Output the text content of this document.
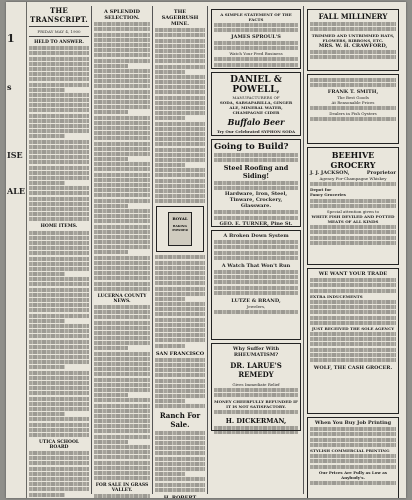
1
s
ISE
ALE
THE TRANSCRIPT.
FRIDAY MAY 4, 1900
HELD TO ANSWER.
HOME ITEMS.
UTICA SCHOOL BOARD
A SPLENDID SELECTION.
LUCERNA COUNTY NEWS.
FOR SALE IN GRASS VALLEY.
THE SAGEBRUSH MINE.
ROYAL
BAKING POWDER
SAN FRANCISCO
Ranch For Sale.
H. ROBERT
A SIMPLE STATEMENT OF THE FACTS
JAMES SPROUL'S
Watch Your Feed Business
DANIEL & POWELL,
MANUFACTURERS OF
SODA, SARSAPARILLA, GINGER ALE, MINERAL WATER, CHAMPAGNE CIDER
Buffalo Beer
Try Our Celebrated SYPHON SODA
Going to Build?
Steel Roofing and Siding!
Hardware, Iron, Steel,
Tinware, Crockery, Glassware.
GEO. E. TURNER, Pine St.
A Broken Down System
A Watch That Won't Run
LUTZE & BRAND,
Jewelers,
Why Suffer With RHEUMATISM?
DR. LARUE'S REMEDY
Gives Immediate Relief
MONEY CHEERFULLY REFUNDED IF IT IS NOT SATISFACTORY.
H. DICKERMAN,
FALL MILLINERY
TRIMMED AND UNTRIMMED HATS, FLOWERS, RIBBONS, ETC.
MRS. W. H. CRAWFORD,
FRANK T. SMITH,
The Best Goods
At Reasonable Prices
Dealers in Fish Oysters
BEEHIVE
GROCERY
J. J. JACKSON,	Proprietor
Agency For-Champagne Whiskey
Depot for
Fancy Groceries
Special attention given to
WHITE FISH DEVILED AND POTTED MEATS OF ALL KINDS
WE WANT YOUR TRADE
EXTRA INDUCEMENTS
JUST RECEIVED THE SOLE AGENCY
WOLF, THE CASH GROCER.
When You Buy Job Printing
STYLISH COMMERCIAL PRINTING
Our Prices Are Fully as Low as Anybody's.
